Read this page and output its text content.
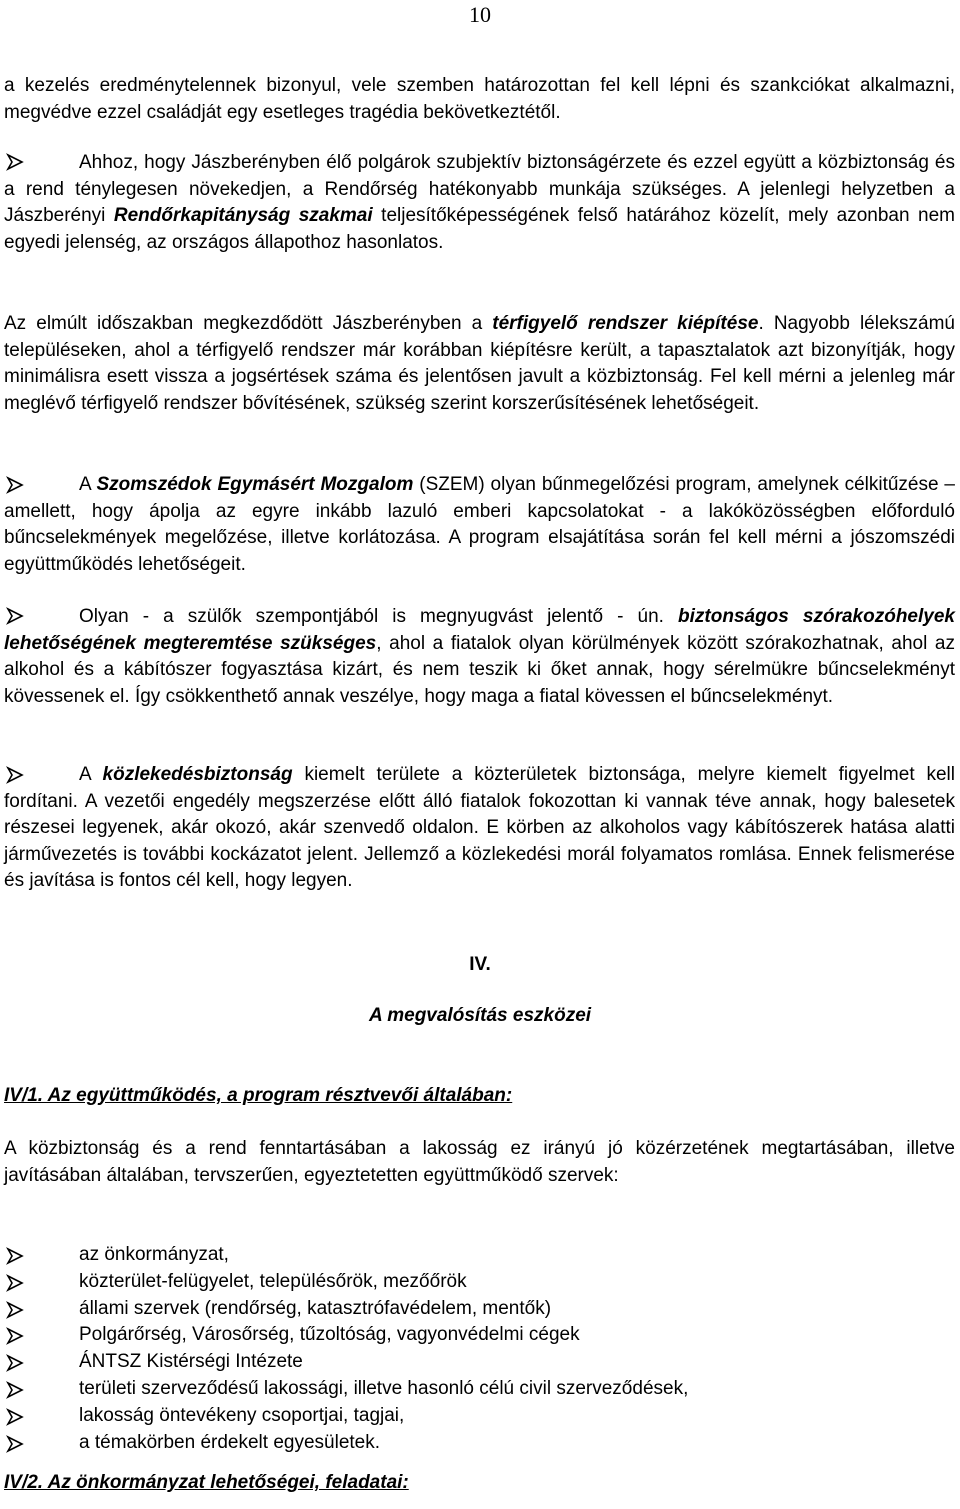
10

a kezelés eredménytelennek bizonyul, vele szemben határozottan fel kell lépni és szankciókat alkalmazni, megvédve ezzel családját egy esetleges tragédia bekövetkeztétől.

Ahhoz, hogy Jászberényben élő polgárok szubjektív biztonságérzete és ezzel együtt a közbiztonság és a rend ténylegesen növekedjen, a Rendőrség hatékonyabb munkája szükséges. A jelenlegi helyzetben a Jászberényi Rendőrkapitányság szakmai teljesítőképességének felső határához közelít, mely azonban nem egyedi jelenség, az országos állapothoz hasonlatos.

Az elmúlt időszakban megkezdődött Jászberényben a térfigyelő rendszer kiépítése. Nagyobb lélekszámú településeken, ahol a térfigyelő rendszer már korábban kiépítésre került, a tapasztalatok azt bizonyítják, hogy minimálisra esett vissza a jogsértések száma és jelentősen javult a közbiztonság. Fel kell mérni a jelenleg már meglévő térfigyelő rendszer bővítésének, szükség szerint korszerűsítésének lehetőségeit.

A Szomszédok Egymásért Mozgalom (SZEM) olyan bűnmegelőzési program, amelynek célkitűzése – amellett, hogy ápolja az egyre inkább lazuló emberi kapcsolatokat - a lakóközösségben előforduló bűncselekmények megelőzése, illetve korlátozása. A program elsajátítása során fel kell mérni a jószomszédi együttműködés lehetőségeit.

Olyan - a szülők szempontjából is megnyugvást jelentő - ún. biztonságos szórakozóhelyek lehetőségének megteremtése szükséges, ahol a fiatalok olyan körülmények között szórakozhatnak, ahol az alkohol és a kábítószer fogyasztása kizárt, és nem teszik ki őket annak, hogy sérelmükre bűncselekményt kövessenek el. Így csökkenthető annak veszélye, hogy maga a fiatal kövessen el bűncselekményt.

A közlekedésbiztonság kiemelt területe a közterületek biztonsága, melyre kiemelt figyelmet kell fordítani. A vezetői engedély megszerzése előtt álló fiatalok fokozottan ki vannak téve annak, hogy balesetek részesei legyenek, akár okozó, akár szenvedő oldalon. E körben az alkoholos vagy kábítószerek hatása alatti járművezetés is további kockázatot jelent. Jellemző a közlekedési morál folyamatos romlása. Ennek felismerése és javítása is fontos cél kell, hogy legyen.

IV.
A megvalósítás eszközei
IV/1. Az együttműködés, a program résztvevői általában:

A közbiztonság és a rend fenntartásában a lakosság ez irányú jó közérzetének megtartásában, illetve javításában általában, tervszerűen, egyeztetetten együttműködő szervek:

az önkormányzat,
közterület-felügyelet, településőrök, mezőőrök
állami szervek (rendőrség, katasztrófavédelem, mentők)
Polgárőrség, Városőrség, tűzoltóság, vagyonvédelmi cégek
ÁNTSZ Kistérségi Intézete
területi szerveződésű lakossági, illetve hasonló célú civil szerveződések,
lakosság öntevékeny csoportjai, tagjai,
a témakörben érdekelt egyesületek.
IV/2. Az önkormányzat lehetőségei, feladatai:
